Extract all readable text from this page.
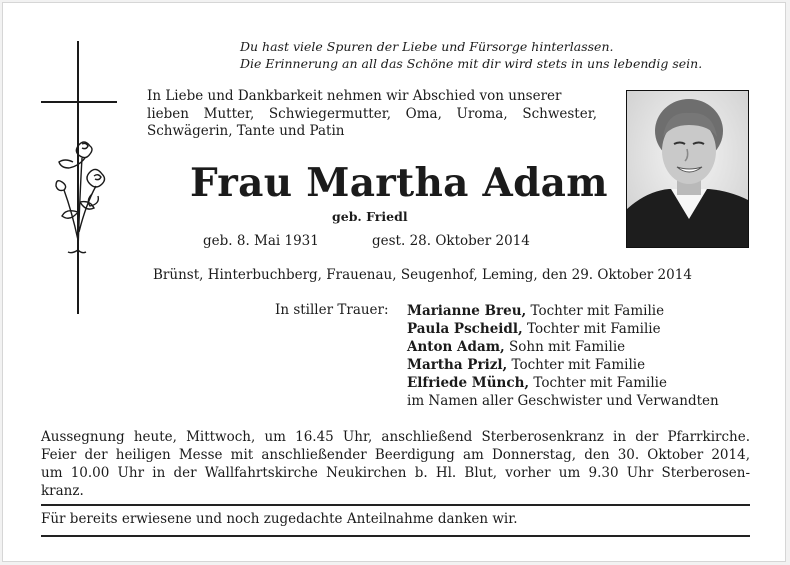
Du hast viele Spuren der Liebe und Fürsorge hinterlassen.
Die Erinnerung an all das Schöne mit dir wird stets in uns lebendig sein.
In Liebe und Dankbarkeit nehmen wir Abschied von unserer
lieben Mutter, Schwiegermutter, Oma, Uroma, Schwester,
Schwägerin, Tante und Patin
Frau Martha Adam
geb. Friedl
geb. 8. Mai 1931	gest. 28. Oktober 2014
Brünst, Hinterbuchberg, Frauenau, Seugenhof, Leming, den 29. Oktober 2014
In stiller Trauer: Marianne Breu, Tochter mit Familie
Paula Pscheidl, Tochter mit Familie
Anton Adam, Sohn mit Familie
Martha Prizl, Tochter mit Familie
Elfriede Münch, Tochter mit Familie
im Namen aller Geschwister und Verwandten
Aussegnung heute, Mittwoch, um 16.45 Uhr, anschließend Sterberosenkranz in der Pfarrkirche.
Feier der heiligen Messe mit anschließender Beerdigung am Donnerstag, den 30. Oktober 2014,
um 10.00 Uhr in der Wallfahrtskirche Neukirchen b. Hl. Blut, vorher um 9.30 Uhr Sterberosen-
kranz.
Für bereits erwiesene und noch zugedachte Anteilnahme danken wir.
